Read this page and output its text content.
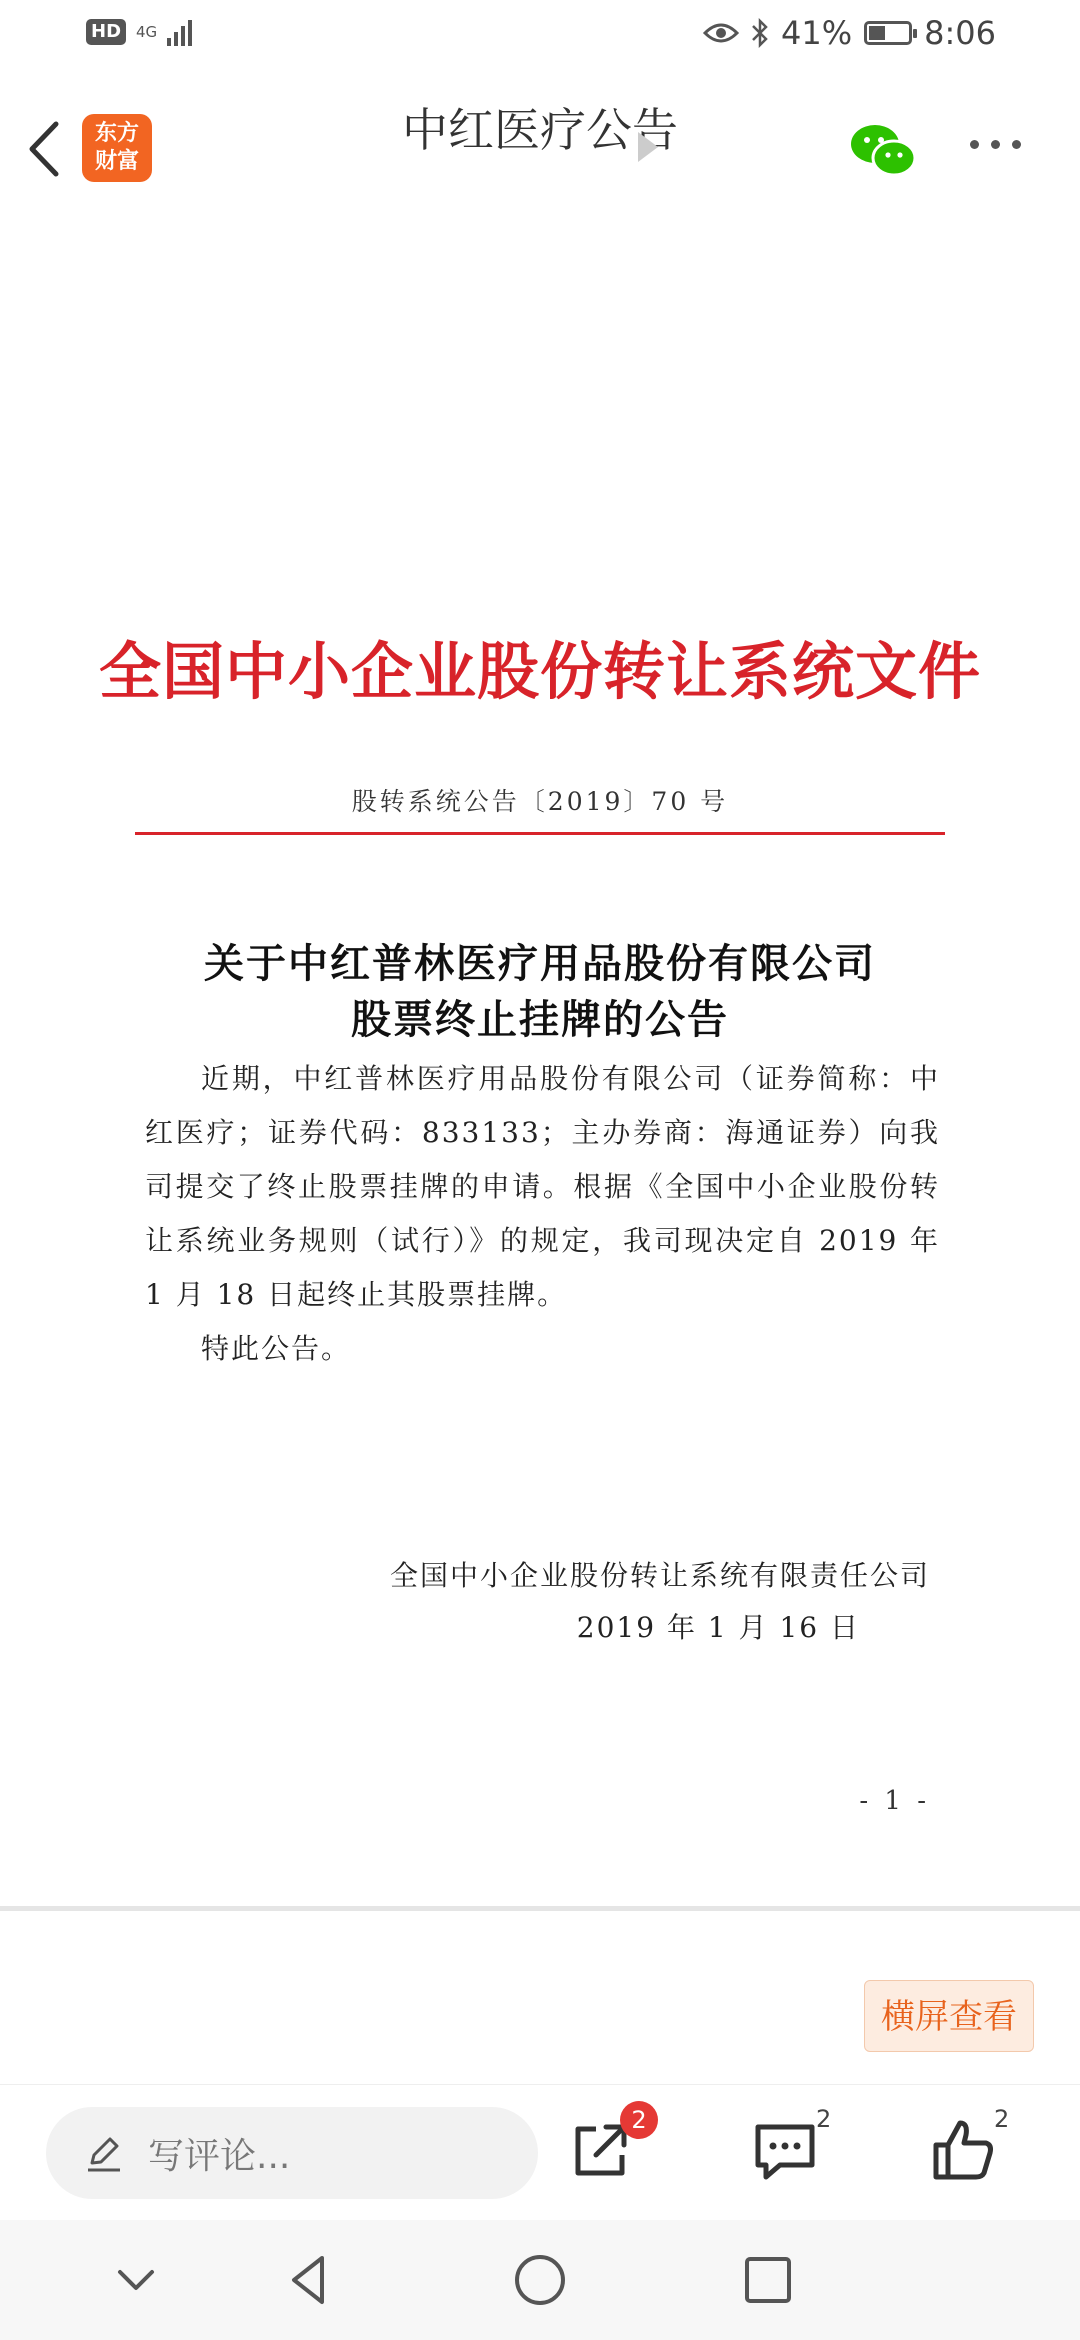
HD	4G	41% 8:06
东方
财富
中红医疗公告
全国中小企业股份转让系统文件
股转系统公告〔2019〕70 号
关于中红普林医疗用品股份有限公司
股票终止挂牌的公告

近期，中红普林医疗用品股份有限公司（证券简称：中红医疗；证券代码：833133；主办券商：海通证券）向我司提交了终止股票挂牌的申请。根据《全国中小企业股份转让系统业务规则（试行）》的规定，我司现决定自 2019 年 1 月 18 日起终止其股票挂牌。

特此公告。

全国中小企业股份转让系统有限责任公司
2019 年 1 月 16 日
- 1 -
横屏查看
写评论...
2	2	2
